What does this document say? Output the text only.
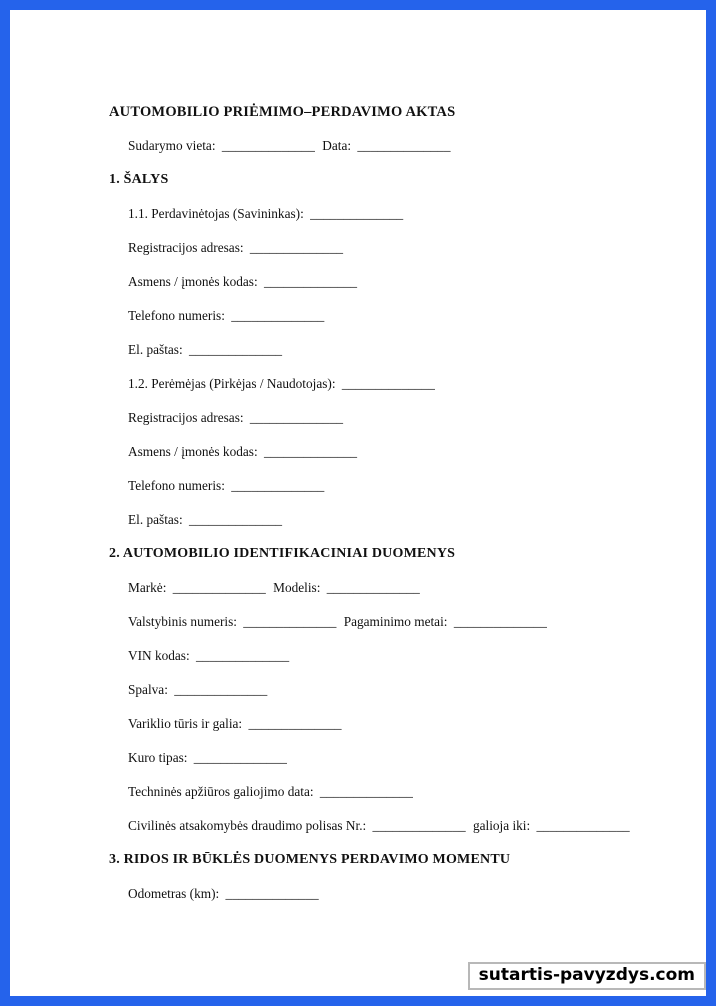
AUTOMOBILIO PRIĖMIMO–PERDAVIMO AKTAS

Sudarymo vieta: ______________ Data: ______________

1. ŠALYS

1.1. Perdavinėtojas (Savininkas): ______________

Registracijos adresas: ______________

Asmens / įmonės kodas: ______________

Telefono numeris: ______________

El. paštas: ______________

1.2. Perėmėjas (Pirkėjas / Naudotojas): ______________

Registracijos adresas: ______________

Asmens / įmonės kodas: ______________

Telefono numeris: ______________

El. paštas: ______________

2. AUTOMOBILIO IDENTIFIKACINIAI DUOMENYS

Markė: ______________ Modelis: ______________

Valstybinis numeris: ______________ Pagaminimo metai: ______________

VIN kodas: ______________

Spalva: ______________

Variklio tūris ir galia: ______________

Kuro tipas: ______________

Techninės apžiūros galiojimo data: ______________

Civilinės atsakomybės draudimo polisas Nr.: ______________ galioja iki: ______________

3. RIDOS IR BŪKLĖS DUOMENYS PERDAVIMO MOMENTU

Odometras (km): ______________

sutartis-pavyzdys.com
